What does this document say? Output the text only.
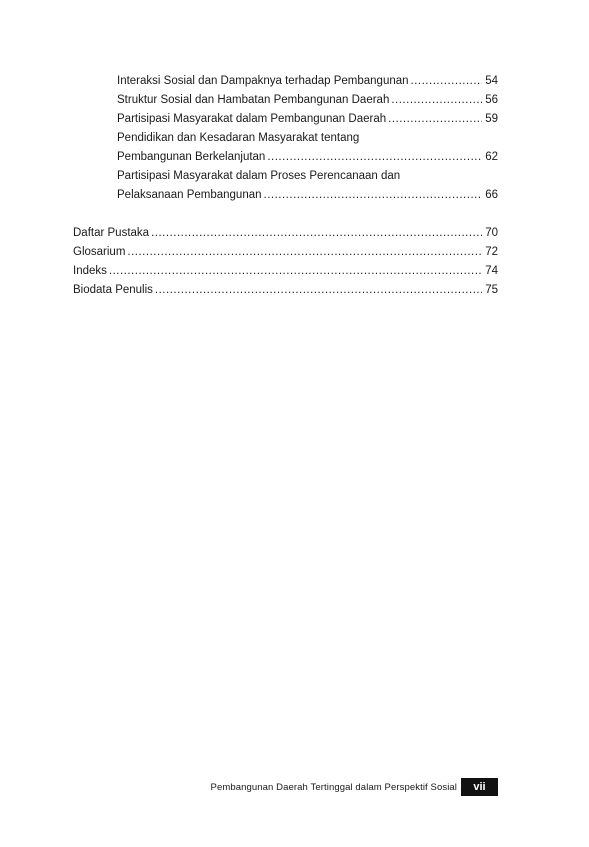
Interaksi Sosial dan Dampaknya terhadap Pembangunan .....	54
Struktur Sosial dan Hambatan Pembangunan Daerah .....	56
Partisipasi Masyarakat dalam Pembangunan Daerah .....	59
Pendidikan dan Kesadaran Masyarakat tentang
Pembangunan Berkelanjutan .....	62
Partisipasi Masyarakat dalam Proses Perencanaan dan
Pelaksanaan Pembangunan .....	66
Daftar Pustaka .....	70
Glosarium .....	72
Indeks .....	74
Biodata Penulis .....	75
Pembangunan Daerah Tertinggal dalam Perspektif Sosial	vii
